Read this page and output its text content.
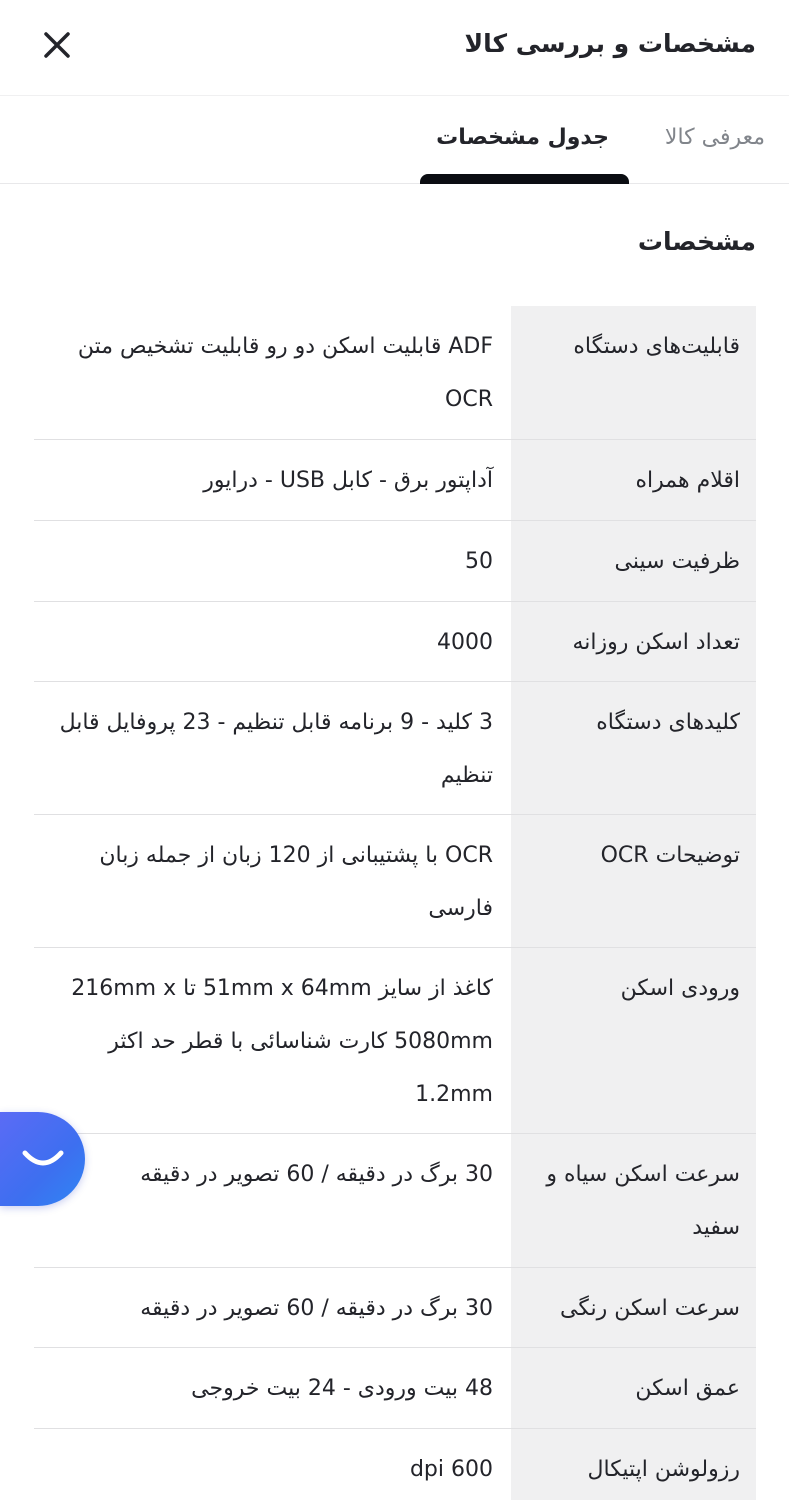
مشخصات و بررسی کالا
معرفی کالا
جدول مشخصات
مشخصات
قابلیت‌های دستگاه
ADF قابلیت اسکن دو رو قابلیت تشخیص متن OCR
اقلام همراه
آداپتور برق - کابل USB - درایور
ظرفیت سینی
50
تعداد اسکن روزانه
4000
کلیدهای دستگاه
3 کلید - 9 برنامه قابل تنظیم - 23 پروفایل قابل تنظیم
توضیحات OCR
OCR با پشتیبانی از 120 زبان از جمله زبان فارسی
ورودی اسکن
کاغذ از سایز 51mm x 64mm تا 216mm x 5080mm کارت شناسائی با قطر حد اکثر 1.2mm
سرعت اسکن سیاه و سفید
30 برگ در دقیقه / 60 تصویر در دقیقه
سرعت اسکن رنگی
30 برگ در دقیقه / 60 تصویر در دقیقه
عمق اسکن
48 بیت ورودی - 24 بیت خروجی
رزولوشن اپتیکال
600 dpi
